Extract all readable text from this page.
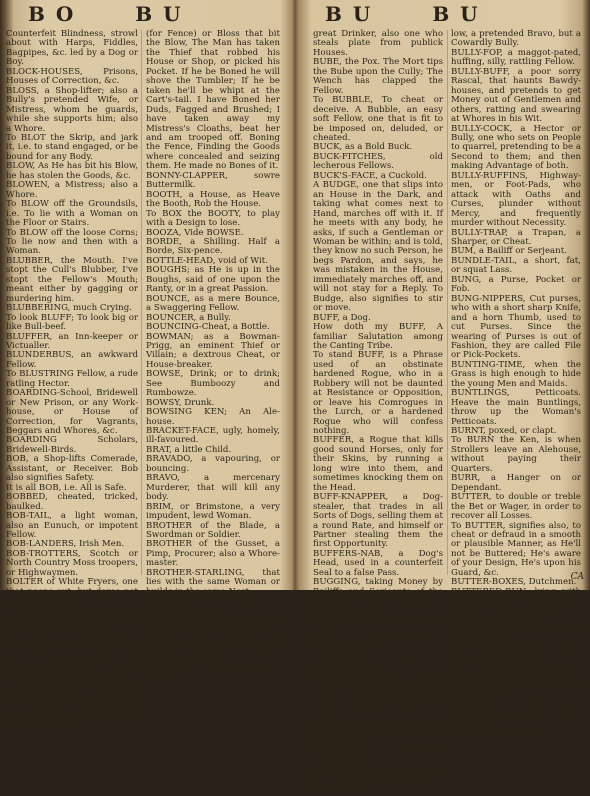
B O	B U

Counterfeit Blindness, strowl about with Harps, Fiddles, Bagpipes, &c. led by a Dog or Boy.

BLOCK-HOUSES, Prisons, Houses of Correction, &c.

BLOSS, a Shop-lifter; also a Bully's pretended Wife, or Mistress, whom he guards, while she supports him; also a Whore.

To BLOT the Skrip, and jark it, i.e. to stand engaged, or be bound for any Body.

BLOW, As He has bit his Blow, he has stolen the Goods, &c.

BLOWEN, a Mistress; also a Whore.

To BLOW off the Groundsils, i.e. To lie with a Woman on the Floor or Stairs.

To BLOW off the loose Corns; To lie now and then with a Woman.

BLUBBER, the Mouth. I've stopt the Cull's Blubber, I've stopt the Fellow's Mouth; meant either by gagging or murdering him.

BLUBBERING, much Crying.

To look BLUFF; To look big or like Bull-beef.

BLUFFER, an Inn-keeper or Victualler.

BLUNDERBUS, an awkward Fellow.

To BLUSTRING Fellow, a rude ratling Hector.

BOARDING-School, Bridewell or New Prison, or any Work-house, or House of Correction, for Vagrants, Beggars and Whores, &c.

BOARDING Scholars, Bridewell-Birds.

BOB, a Shop-lifts Comerade, Assistant, or Receiver. Bob also signifies Safety.

It is all BOB, i.e. All is Safe.

BOBBED, cheated, tricked, baulked.

BOB-TAIL, a light woman, also an Eunuch, or impotent Fellow.

BOB-LANDERS, Irish Men.

BOB-TROTTERS, Scotch or North Country Moss troopers, or Highwaymen.

BOLTER of White Fryers, one that peeps out, but dares not venture abroad.

BOLTSPRIT, the Nose. He has broke his Boltsprit; He has lost his Nose by the Pox.

To BONE, to apprehend, seize, take or arrest. I'll Bone ye; I'll cause you to be arrested. We shall be Boned, we shall be apprehended for the Robbery. The Cove is Boned and gone to the Whit; The Rogue is taken up and carried to Newgate. The Cull has Boned the fen

(for Fence) or Bloss that bit the Blow, The Man has taken the Thief that robbed his House or Shop, or picked his Pocket. If he be Boned he will shove the Tumbler; If he be taken he'll be whipt at the Cart's-tail. I have Boned her Duds, Fagged and Brushed; I have taken away my Mistress's Cloaths, beat her and am trooped off. Boning the Fence, Finding the Goods where concealed and seizing them. He made no Bones of it.

BONNY-CLAPPER, sowre Buttermilk.

BOOTH, a House, as Heave the Booth, Rob the House.

To BOX the BOOTY, to play with a Design to lose.

BOOZA, Vide BOWSE.

BORDE, a Shilling. Half a Borde, Six-pence.

BOTTLE-HEAD, void of Wit.

BOUGHS; as He is up in the Boughs, said of one upon the Ranty, or in a great Passion.

BOUNCE, as a mere Bounce, a Swaggering Fellow.

BOUNCER, a Bully.

BOUNCING-Cheat, a Bottle.

BOWMAN; as a Bowman-Prigg, an eminent Thief or Villain; a dextrous Cheat, or House-breaker.

BOWSE, Drink; or to drink; See Bumboozy and Rumbowze.

BOWSY, Drunk.

BOWSING KEN; An Ale-house.

BRACKET-FACE, ugly, homely, ill-favoured.

BRAT, a little Child.

BRAVADO, a vapouring, or bouncing.

BRAVO, a mercenary Murderer, that will kill any body.

BRIM, or Brimstone, a very impudent, lewd Woman.

BROTHER of the Blade, a Swordman or Soldier.

BROTHER of the Gusset, a Pimp, Procurer; also a Whore-master.

BROTHER-STARLING, that lies with the same Woman or builds in the same Nest.

BROTHER of the String, a Fidler, or Harper.

To BRUSH, to fing, or run away. The Cully is brushed or rubbed; The Fellow is marched off or broke. Bought a Brush, run away.

BUBBER, a drinking Bowl; also a

B U	B U

great Drinker, also one who steals plate from publick Houses.

BUBE, the Pox. The Mort tips the Bube upon the Cully; The Wench has clapped the Fellow.

To BUBBLE, To cheat or deceive. A Bubble, an easy soft Fellow, one that is fit to be imposed on, deluded, or cheated.

BUCK, as a Bold Buck.

BUCK-FITCHES, old lecherous Fellows.

BUCK'S-FACE, a Cuckold.

A BUDGE, one that slips into an House in the Dark, and taking what comes next to Hand, marches off with it. If he meets with any body, he asks, if such a Gentleman or Woman be within; and is told, they know no such Person, he begs Pardon, and says, he was mistaken in the House, immediately marches off, and will not stay for a Reply. To Budge, also signifies to stir or move.

BUFF, a Dog.

How doth my BUFF, A familiar Salutation among the Canting Tribe.

To stand BUFF, is a Phrase used of an obstinate hardened Rogue, who in a Robbery will not be daunted at Resistance or Opposition, or leave his Comrogues in the Lurch, or a hardened Rogue who will confess nothing.

BUFFER, a Rogue that kills good sound Horses, only for their Skins, by running a long wire into them, and sometimes knocking them on the Head.

BUFF-KNAPPER, a Dog-stealer, that trades in all Sorts of Dogs, selling them at a round Rate, and himself or Partner stealing them the first Opportunity.

BUFFERS-NAB, a Dog's Head, used in a counterfeit Seal to a false Pass.

BUGGING, taking Money by Bailiffs and Serjeants of the Defendant not to arrest him.

BUGHER, a Dog.

BULCHIN, a chubbingly Boy or Lad.

BULL, as, a Town Bull, a Whore-master.

To look like BULL-beef, to look big and grim.

BULK, an Assistant to a File or Pick-Pocket, who jostles a Person up against the Wall, while the other picks his Pocket.

BULKER, one that lodges all Night on Shop windows and Bulkheads.

BULLS-EYE, a Crown or Five Shilling Piece.

BULLY, a supposed Husband to a Bawd, or Whore; also a hussing Fel-

low, a pretended Bravo, but a Cowardly Bully.

BULLY-FOP, a maggot-pated, huffing, silly, rattling Fellow.

BULLY-BUFF, a poor sorry Rascal, that haunts Bawdy-houses, and pretends to get Money out of Gentlemen and others, ratting and swearing at Whores in his Wit.

BULLY-COCK, a Hector or Bully, one who sets on People to quarrel, pretending to be a Second to them; and then making Advantage of both.

BULLY-RUFFINS, Highway-men, or Foot-Pads, who attack with Oaths and Curses, plunder without Mercy, and frequently murder without Necessity.

BULLY-TRAP, a Trapan, a Sharper, or Cheat.

BUM, a Bailiff or Serjeant.

BUNDLE-TAIL, a short, fat, or squat Lass.

BUNG, a Purse, Pocket or Fob.

BUNG-NIPPERS, Cut purses, who with a short sharp Knife, and a horn Thumb, used to cut Purses. Since the wearing of Purses is out of Fashion, they are called File or Pick-Pockets.

BUNTING-TIME, when the Grass is high enough to hide the young Men and Maids.

BUNTLINGS, Petticoats. Heave the main Buntlings, throw up the Woman's Petticoats.

BURNT, poxed, or clapt.

To BURN the Ken, is when Strollers leave an Alehouse, without paying their Quarters.

BURR, a Hanger on or Dependant.

BUTTER, to double or treble the Bet or Wager, in order to recover all Losses.

To BUTTER, signifies also, to cheat or defraud in a smooth or plausible Manner, as He'll not be Buttered; He's aware of your Design, He's upon his Guard, &c.

BUTTER-BOXES, Dutchmen.

BUTTERED-BUN, lying with a Woman that has been just lain with by another Man.

BUTTOCK, a Whore.

BUTTOCK-Broker, a Bawd, or a Match-maker.

BUTTOCK and File, both Whore and Pickpocket.

BUTTOCK and Twang, or a down right Buttock and Pass File, a common Whore, but no Pickpocket.

BUZZARD, a foolish, soft Fellow, drawn in and cullied or tricked.

BY-BLOW, a Bastard.

CA
